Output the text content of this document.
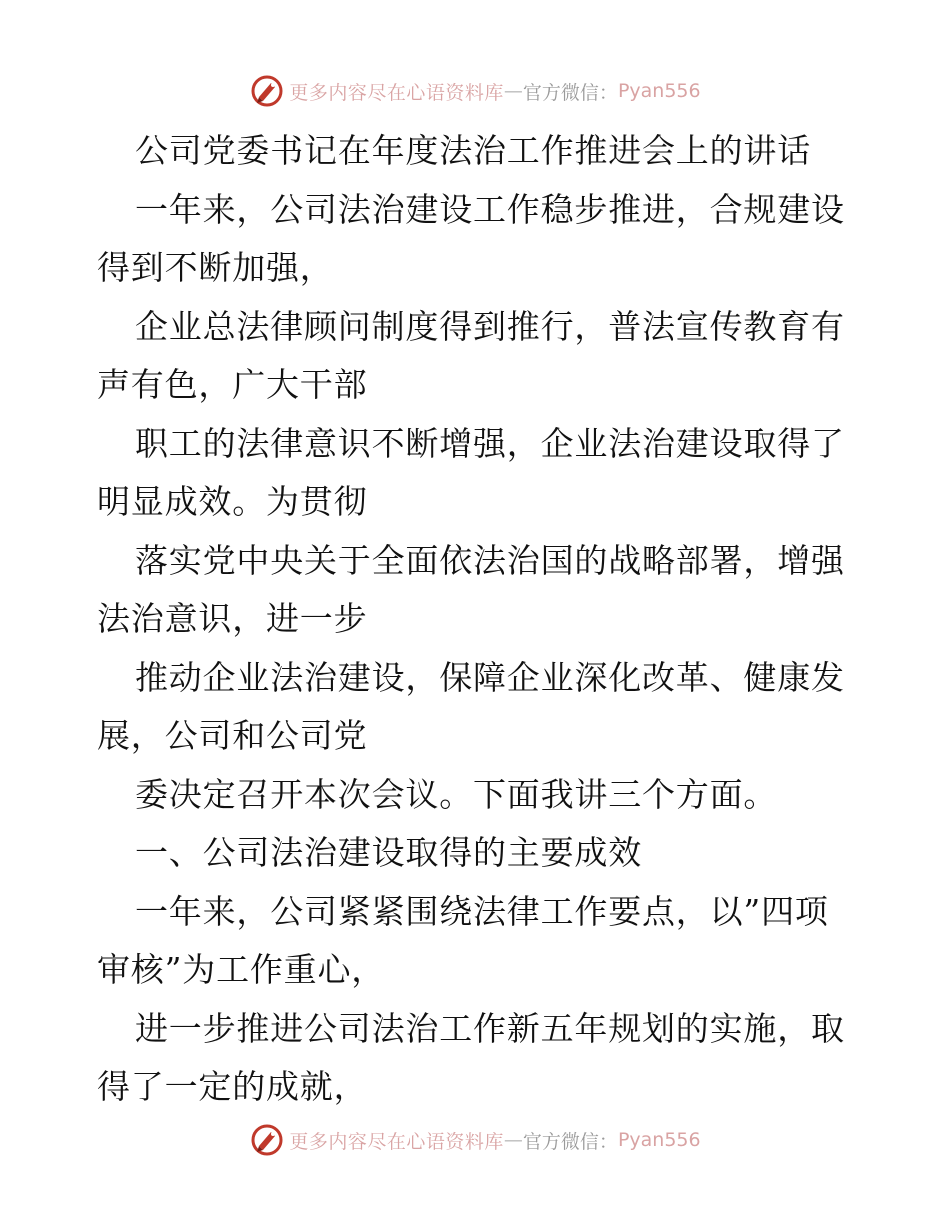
更多内容尽在心语资料库 — 官方微信： Pyan556
公司党委书记在年度法治工作推进会上的讲话
一年来，公司法治建设工作稳步推进，合规建设
得到不断加强，
企业总法律顾问制度得到推行，普法宣传教育有
声有色，广大干部
职工的法律意识不断增强，企业法治建设取得了
明显成效。为贯彻
落实党中央关于全面依法治国的战略部署，增强
法治意识，进一步
推动企业法治建设，保障企业深化改革、健康发
展，公司和公司党
委决定召开本次会议。下面我讲三个方面。
一、公司法治建设取得的主要成效
一年来，公司紧紧围绕法律工作要点，以”四项
审核”为工作重心，
进一步推进公司法治工作新五年规划的实施，取
得了一定的成就，
更多内容尽在心语资料库 — 官方微信： Pyan556
